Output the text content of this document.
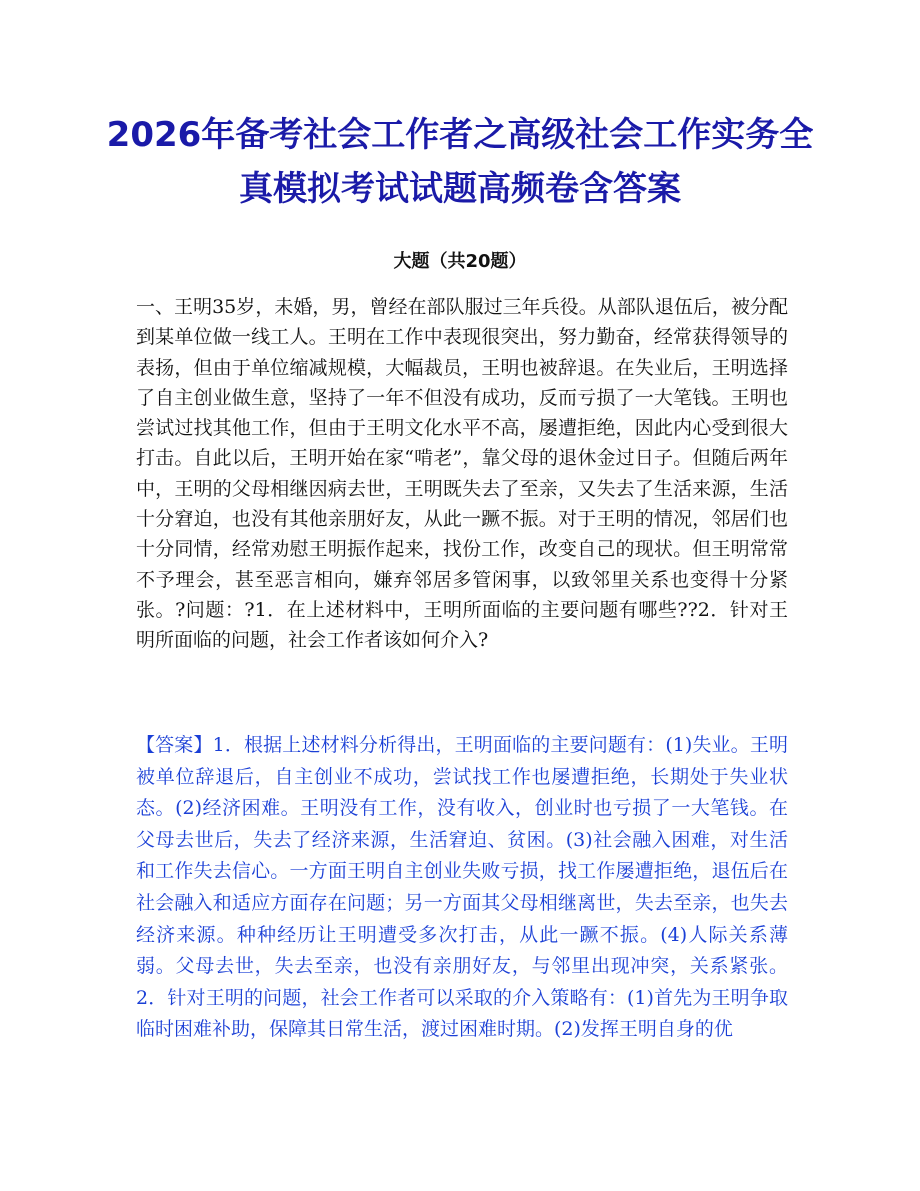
2026年备考社会工作者之高级社会工作实务全真模拟考试试题高频卷含答案
大题（共20题）
一、王明35岁，未婚，男，曾经在部队服过三年兵役。从部队退伍后，被分配到某单位做一线工人。王明在工作中表现很突出，努力勤奋，经常获得领导的表扬，但由于单位缩减规模，大幅裁员，王明也被辞退。在失业后，王明选择了自主创业做生意，坚持了一年不但没有成功，反而亏损了一大笔钱。王明也尝试过找其他工作，但由于王明文化水平不高，屡遭拒绝，因此内心受到很大打击。自此以后，王明开始在家“啃老”，靠父母的退休金过日子。但随后两年中，王明的父母相继因病去世，王明既失去了至亲，又失去了生活来源，生活十分窘迫，也没有其他亲朋好友，从此一蹶不振。对于王明的情况，邻居们也十分同情，经常劝慰王明振作起来，找份工作，改变自己的现状。但王明常常不予理会，甚至恶言相向，嫌弃邻居多管闲事，以致邻里关系也变得十分紧张。?问题：?1．在上述材料中，王明所面临的主要问题有哪些??2．针对王明所面临的问题，社会工作者该如何介入?
【答案】1．根据上述材料分析得出，王明面临的主要问题有：(1)失业。王明被单位辞退后，自主创业不成功，尝试找工作也屡遭拒绝，长期处于失业状态。(2)经济困难。王明没有工作，没有收入，创业时也亏损了一大笔钱。在父母去世后，失去了经济来源，生活窘迫、贫困。(3)社会融入困难，对生活和工作失去信心。一方面王明自主创业失败亏损，找工作屡遭拒绝，退伍后在社会融入和适应方面存在问题；另一方面其父母相继离世，失去至亲，也失去经济来源。种种经历让王明遭受多次打击，从此一蹶不振。(4)人际关系薄弱。父母去世，失去至亲，也没有亲朋好友，与邻里出现冲突，关系紧张。2．针对王明的问题，社会工作者可以采取的介入策略有：(1)首先为王明争取临时困难补助，保障其日常生活，渡过困难时期。(2)发挥王明自身的优
